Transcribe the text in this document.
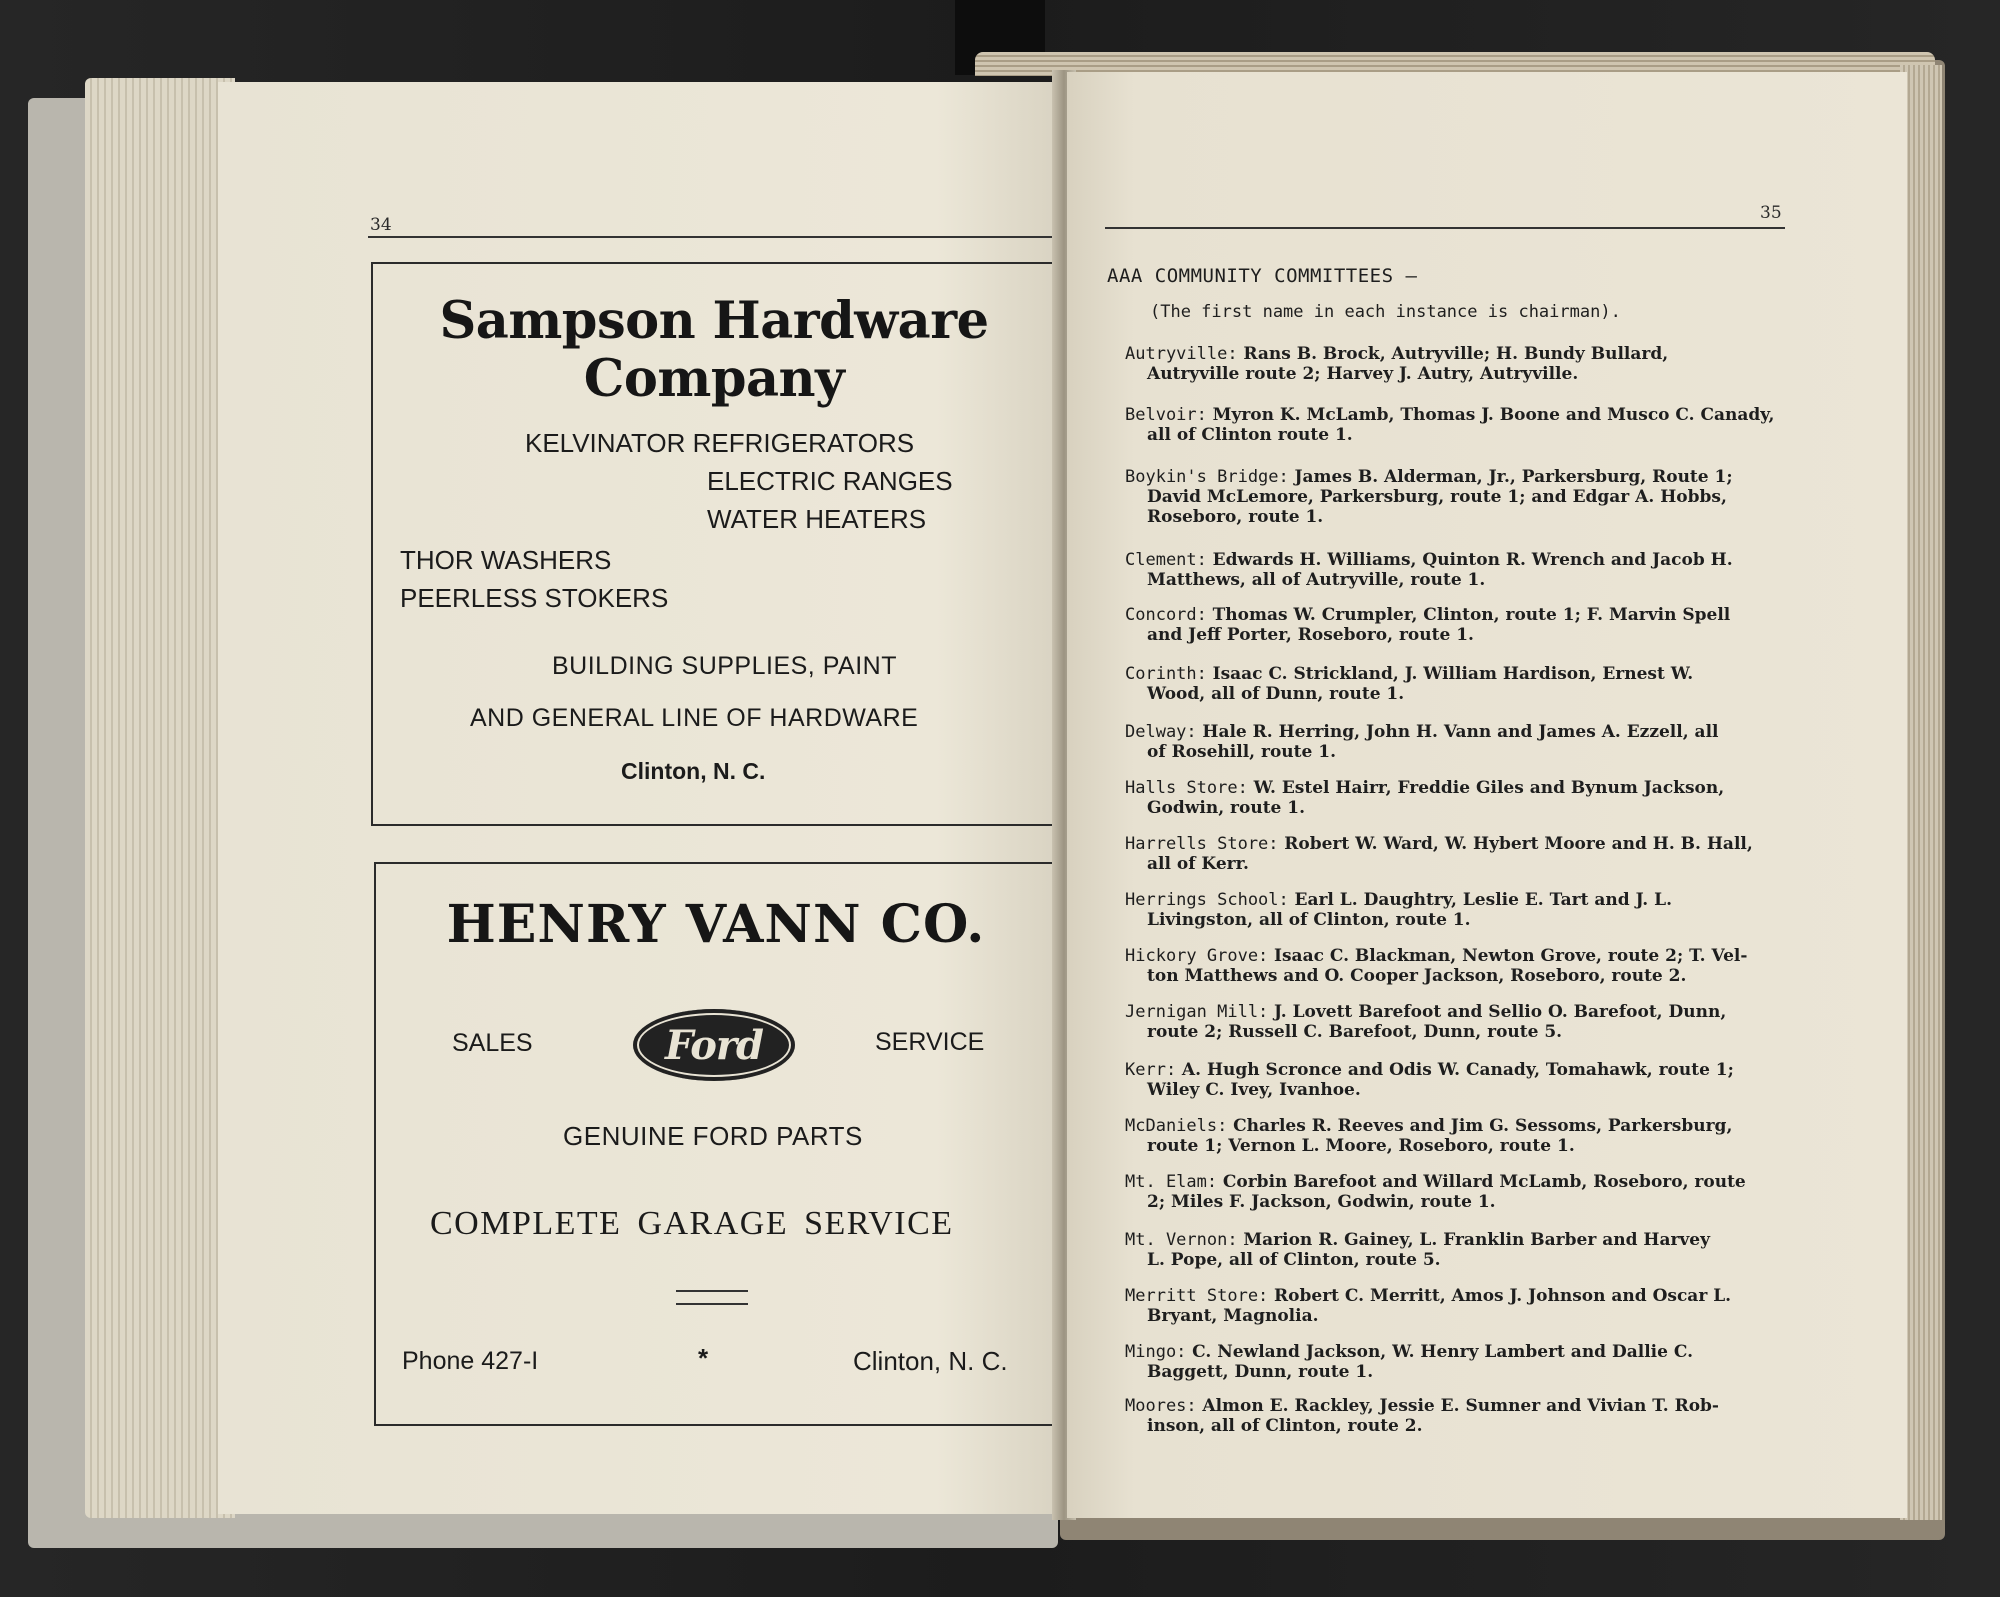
34
Sampson Hardware
Company
KELVINATOR REFRIGERATORS
ELECTRIC RANGES
WATER HEATERS
THOR WASHERS
PEERLESS STOKERS
BUILDING SUPPLIES, PAINT
AND GENERAL LINE OF HARDWARE
Clinton, N. C.
HENRY VANN CO.
SALES	Ford	SERVICE
GENUINE FORD PARTS
COMPLETE GARAGE SERVICE
Phone 427-I	*	Clinton, N. C.
35
AAA COMMUNITY COMMITTEES —
(The first name in each instance is chairman).
Autryville: Rans B. Brock, Autryville; H. Bundy Bullard,
Autryville route 2; Harvey J. Autry, Autryville.
Belvoir: Myron K. McLamb, Thomas J. Boone and Musco C. Canady,
all of Clinton route 1.
Boykin's Bridge: James B. Alderman, Jr., Parkersburg, Route 1;
David McLemore, Parkersburg, route 1; and Edgar A. Hobbs,
Roseboro, route 1.
Clement: Edwards H. Williams, Quinton R. Wrench and Jacob H.
Matthews, all of Autryville, route 1.
Concord: Thomas W. Crumpler, Clinton, route 1; F. Marvin Spell
and Jeff Porter, Roseboro, route 1.
Corinth: Isaac C. Strickland, J. William Hardison, Ernest W.
Wood, all of Dunn, route 1.
Delway: Hale R. Herring, John H. Vann and James A. Ezzell, all
of Rosehill, route 1.
Halls Store: W. Estel Hairr, Freddie Giles and Bynum Jackson,
Godwin, route 1.
Harrells Store: Robert W. Ward, W. Hybert Moore and H. B. Hall,
all of Kerr.
Herrings School: Earl L. Daughtry, Leslie E. Tart and J. L.
Livingston, all of Clinton, route 1.
Hickory Grove: Isaac C. Blackman, Newton Grove, route 2; T. Vel-
ton Matthews and O. Cooper Jackson, Roseboro, route 2.
Jernigan Mill: J. Lovett Barefoot and Sellio O. Barefoot, Dunn,
route 2; Russell C. Barefoot, Dunn, route 5.
Kerr: A. Hugh Scronce and Odis W. Canady, Tomahawk, route 1;
Wiley C. Ivey, Ivanhoe.
McDaniels: Charles R. Reeves and Jim G. Sessoms, Parkersburg,
route 1; Vernon L. Moore, Roseboro, route 1.
Mt. Elam: Corbin Barefoot and Willard McLamb, Roseboro, route
2; Miles F. Jackson, Godwin, route 1.
Mt. Vernon: Marion R. Gainey, L. Franklin Barber and Harvey
L. Pope, all of Clinton, route 5.
Merritt Store: Robert C. Merritt, Amos J. Johnson and Oscar L.
Bryant, Magnolia.
Mingo: C. Newland Jackson, W. Henry Lambert and Dallie C.
Baggett, Dunn, route 1.
Moores: Almon E. Rackley, Jessie E. Sumner and Vivian T. Rob-
inson, all of Clinton, route 2.
